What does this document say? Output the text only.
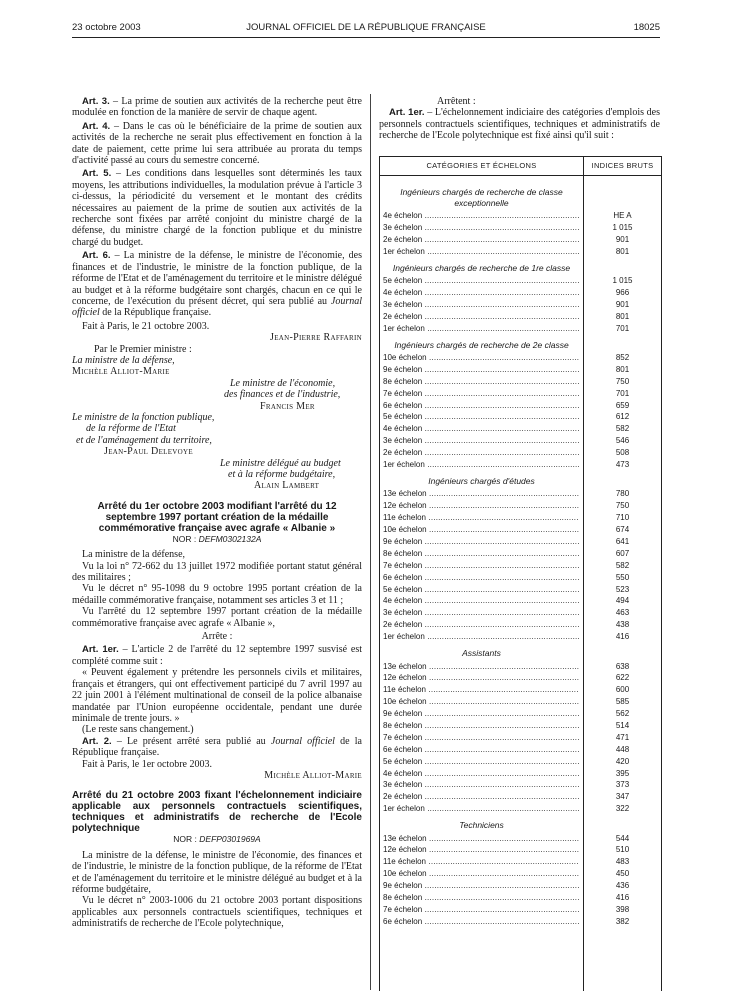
23 octobre 2003	JOURNAL OFFICIEL DE LA RÉPUBLIQUE FRANÇAISE	18025

Art. 3. – La prime de soutien aux activités de la recherche peut être modulée en fonction de la manière de servir de chaque agent.

Art. 4. – Dans le cas où le bénéficiaire de la prime de soutien aux activités de la recherche ne serait plus effectivement en fonction à la date de paiement, cette prime lui sera attribuée au prorata du temps d'activité passé au cours du semestre concerné.

Art. 5. – Les conditions dans lesquelles sont déterminés les taux moyens, les attributions individuelles, la modulation prévue à l'article 3 ci-dessus, la périodicité du versement et le montant des crédits nécessaires au paiement de la prime de soutien aux activités de la recherche sont fixées par arrêté conjoint du ministre chargé de la défense, du ministre chargé de la fonction publique et du ministre chargé du budget.

Art. 6. – La ministre de la défense, le ministre de l'économie, des finances et de l'industrie, le ministre de la fonction publique, de la réforme de l'Etat et de l'aménagement du territoire et le ministre délégué au budget et à la réforme budgétaire sont chargés, chacun en ce qui le concerne, de l'exécution du présent décret, qui sera publié au Journal officiel de la République française.

Fait à Paris, le 21 octobre 2003.

Jean-Pierre Raffarin

Par le Premier ministre :

La ministre de la défense,

Michèle Alliot-Marie

Le ministre de l'économie,

des finances et de l'industrie,

Francis Mer

Le ministre de la fonction publique,

de la réforme de l'Etat

et de l'aménagement du territoire,

Jean-Paul Delevoye

Le ministre délégué au budget

et à la réforme budgétaire,

Alain Lambert

Arrêté du 1er octobre 2003 modifiant l'arrêté du 12 septembre 1997 portant création de la médaille commémorative française avec agrafe « Albanie »

NOR : DEFM0302132A

La ministre de la défense,

Vu la loi n° 72-662 du 13 juillet 1972 modifiée portant statut général des militaires ;

Vu le décret n° 95-1098 du 9 octobre 1995 portant création de la médaille commémorative française, notamment ses articles 3 et 11 ;

Vu l'arrêté du 12 septembre 1997 portant création de la médaille commémorative française avec agrafe « Albanie »,

Arrête :

Art. 1er. – L'article 2 de l'arrêté du 12 septembre 1997 susvisé est complété comme suit :

« Peuvent également y prétendre les personnels civils et militaires, français et étrangers, qui ont effectivement participé du 7 avril 1997 au 22 juin 2001 à l'élément multinational de conseil de la police albanaise mandatée par l'Union européenne occidentale, pendant une durée minimale de trente jours. »

(Le reste sans changement.)

Art. 2. – Le présent arrêté sera publié au Journal officiel de la République française.

Fait à Paris, le 1er octobre 2003.

Michèle Alliot-Marie

Arrêté du 21 octobre 2003 fixant l'échelonnement indiciaire applicable aux personnels contractuels scientifiques, techniques et administratifs de recherche de l'Ecole polytechnique

NOR : DEFP0301969A

La ministre de la défense, le ministre de l'économie, des finances et de l'industrie, le ministre de la fonction publique, de la réforme de l'Etat et de l'aménagement du territoire et le ministre délégué au budget et à la réforme budgétaire,

Vu le décret n° 2003-1006 du 21 octobre 2003 portant dispositions applicables aux personnels contractuels scientifiques, techniques et administratifs de recherche de l'Ecole polytechnique,

Arrêtent :

Art. 1er. – L'échelonnement indiciaire des catégories d'emplois des personnels contractuels scientifiques, techniques et administratifs de recherche de l'Ecole polytechnique est fixé ainsi qu'il suit :

CATÉGORIES ET ÉCHELONS	INDICES BRUTS
Ingénieurs chargés de recherche de classe exceptionnelle
4e échelon .....	HE A
3e échelon .....	1 015
2e échelon .....	901
1er échelon .....	801
Ingénieurs chargés de recherche de 1re classe
5e échelon .....	1 015
4e échelon .....	966
3e échelon .....	901
2e échelon .....	801
1er échelon .....	701
Ingénieurs chargés de recherche de 2e classe
10e échelon .....	852
9e échelon .....	801
8e échelon .....	750
7e échelon .....	701
6e échelon .....	659
5e échelon .....	612
4e échelon .....	582
3e échelon .....	546
2e échelon .....	508
1er échelon .....	473
Ingénieurs chargés d'études
13e échelon .....	780
12e échelon .....	750
11e échelon .....	710
10e échelon .....	674
9e échelon .....	641
8e échelon .....	607
7e échelon .....	582
6e échelon .....	550
5e échelon .....	523
4e échelon .....	494
3e échelon .....	463
2e échelon .....	438
1er échelon .....	416
Assistants
13e échelon .....	638
12e échelon .....	622
11e échelon .....	600
10e échelon .....	585
9e échelon .....	562
8e échelon .....	514
7e échelon .....	471
6e échelon .....	448
5e échelon .....	420
4e échelon .....	395
3e échelon .....	373
2e échelon .....	347
1er échelon .....	322
Techniciens
13e échelon .....	544
12e échelon .....	510
11e échelon .....	483
10e échelon .....	450
9e échelon .....	436
8e échelon .....	416
7e échelon .....	398
6e échelon .....	382
